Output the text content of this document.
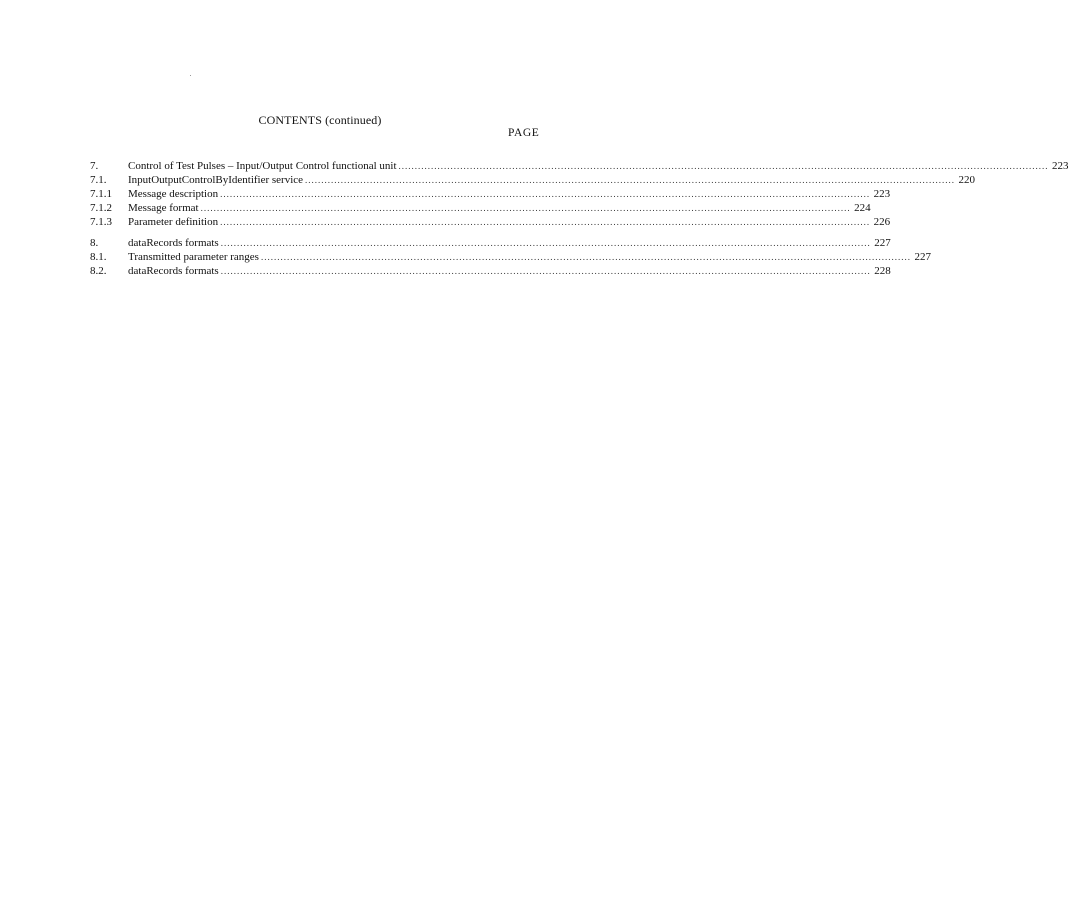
CONTENTS (continued)
PAGE
7.	Control of Test Pulses – Input/Output Control functional unit ........................................................................................................................................................................................................ 223
7.1.	InputOutputControlByIdentifier service ........................................................................................................................................................................................................ 220
7.1.1	Message description ........................................................................................................................................................................................................ 223
7.1.2	Message format ........................................................................................................................................................................................................ 224
7.1.3	Parameter definition ........................................................................................................................................................................................................ 226
8.	dataRecords formats ........................................................................................................................................................................................................ 227
8.1.	Transmitted parameter ranges ........................................................................................................................................................................................................ 227
8.2.	dataRecords formats ........................................................................................................................................................................................................ 228
